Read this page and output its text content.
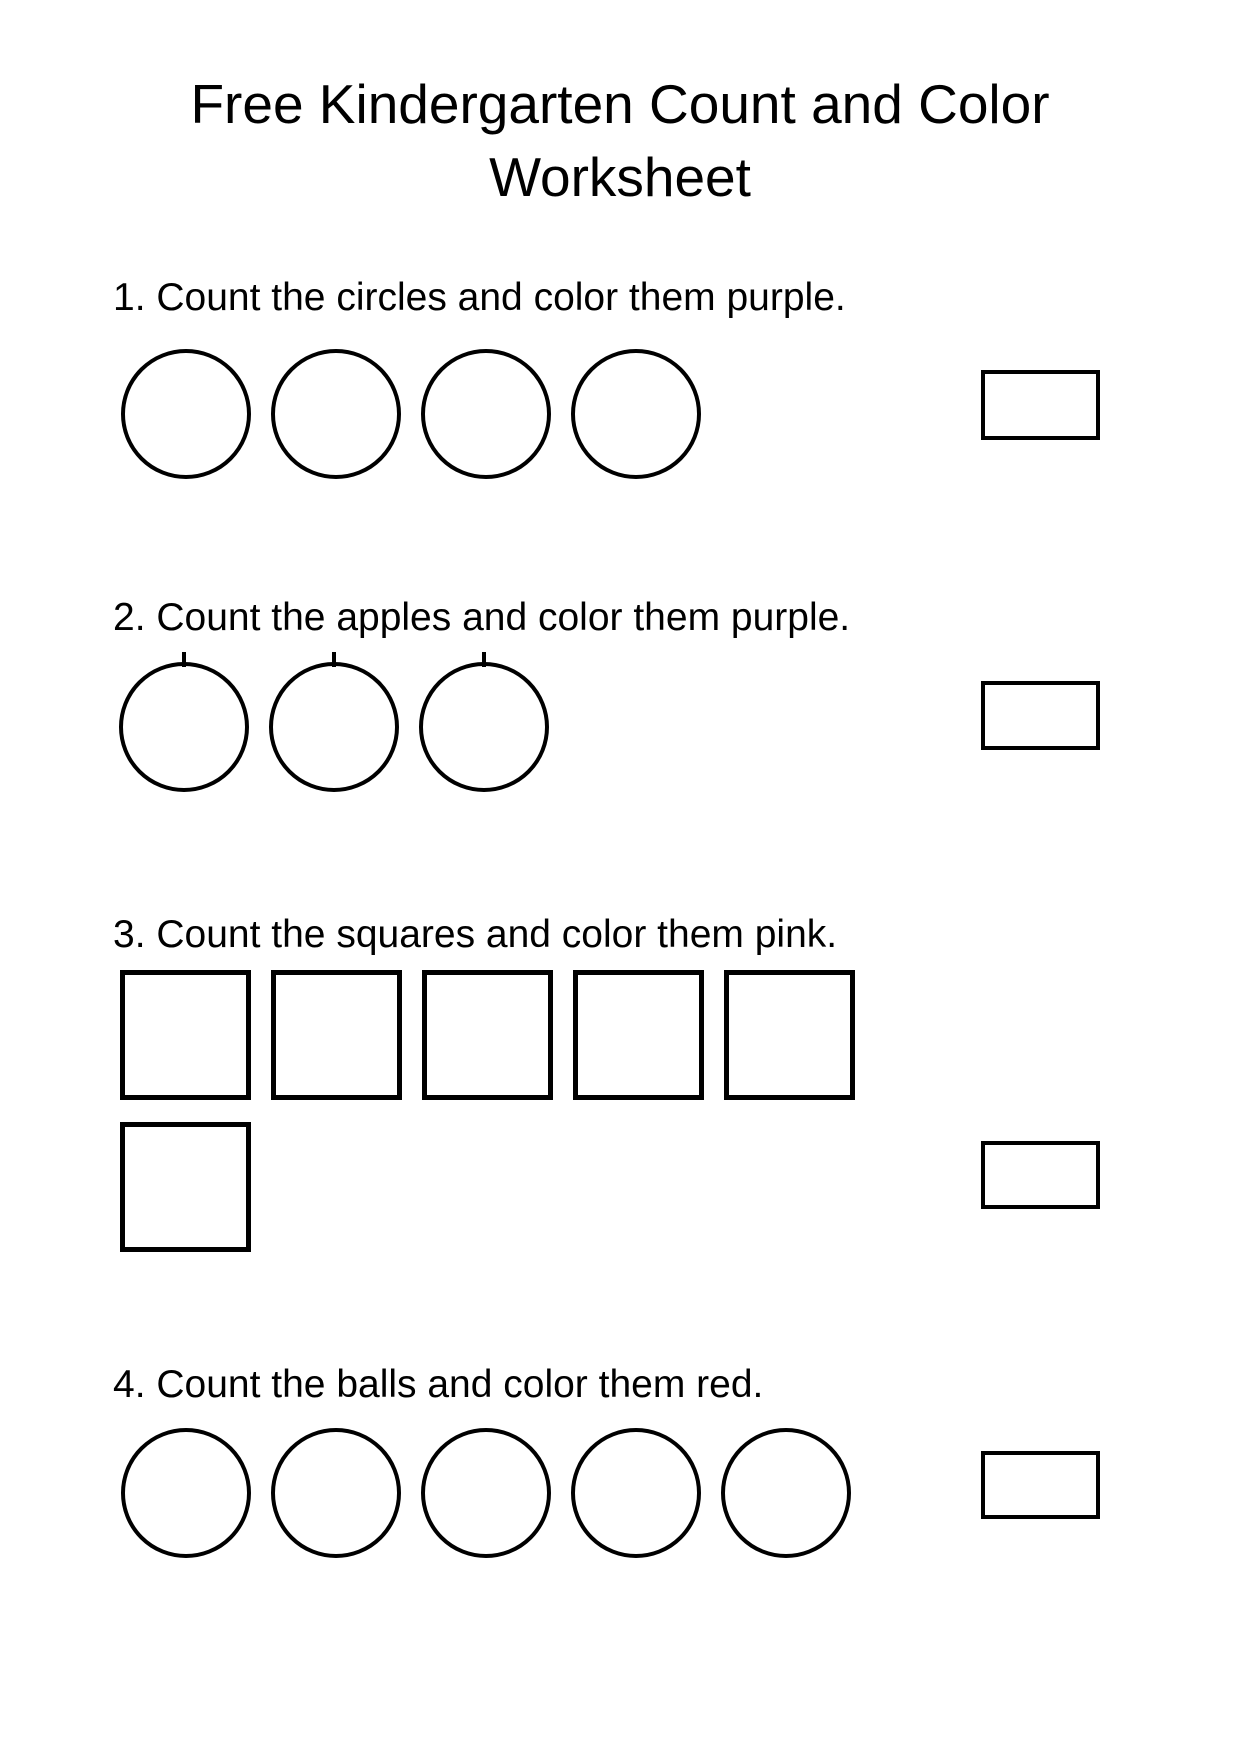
Free Kindergarten Count and Color
Worksheet

1. Count the circles and color them purple.

2. Count the apples and color them purple.

3. Count the squares and color them pink.

4. Count the balls and color them red.
